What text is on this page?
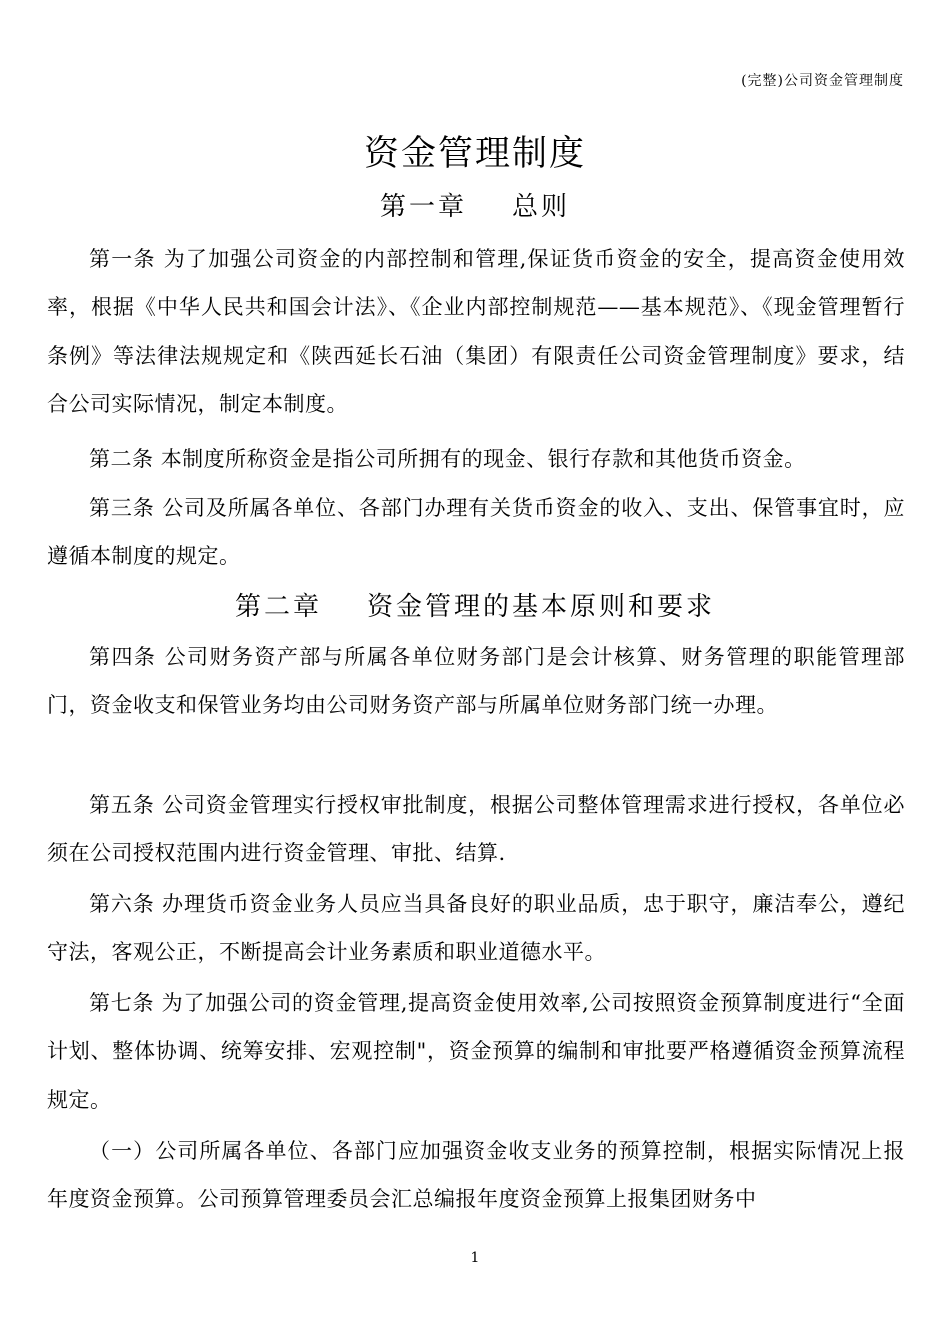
(完整)公司资金管理制度
资金管理制度
第一章    总则

第一条 为了加强公司资金的内部控制和管理,保证货币资金的安全，提高资金使用效率，根据《中华人民共和国会计法》、《企业内部控制规范——基本规范》、《现金管理暂行条例》等法律法规规定和《陕西延长石油（集团）有限责任公司资金管理制度》要求，结合公司实际情况，制定本制度。

第二条 本制度所称资金是指公司所拥有的现金、银行存款和其他货币资金。

第三条 公司及所属各单位、各部门办理有关货币资金的收入、支出、保管事宜时，应遵循本制度的规定。

第二章    资金管理的基本原则和要求

第四条 公司财务资产部与所属各单位财务部门是会计核算、财务管理的职能管理部门，资金收支和保管业务均由公司财务资产部与所属单位财务部门统一办理。

第五条 公司资金管理实行授权审批制度，根据公司整体管理需求进行授权，各单位必须在公司授权范围内进行资金管理、审批、结算.

第六条 办理货币资金业务人员应当具备良好的职业品质，忠于职守，廉洁奉公，遵纪守法，客观公正，不断提高会计业务素质和职业道德水平。

第七条 为了加强公司的资金管理,提高资金使用效率,公司按照资金预算制度进行“全面计划、整体协调、统筹安排、宏观控制"，资金预算的编制和审批要严格遵循资金预算流程规定。

（一）公司所属各单位、各部门应加强资金收支业务的预算控制，根据实际情况上报年度资金预算。公司预算管理委员会汇总编报年度资金预算上报集团财务中

1
